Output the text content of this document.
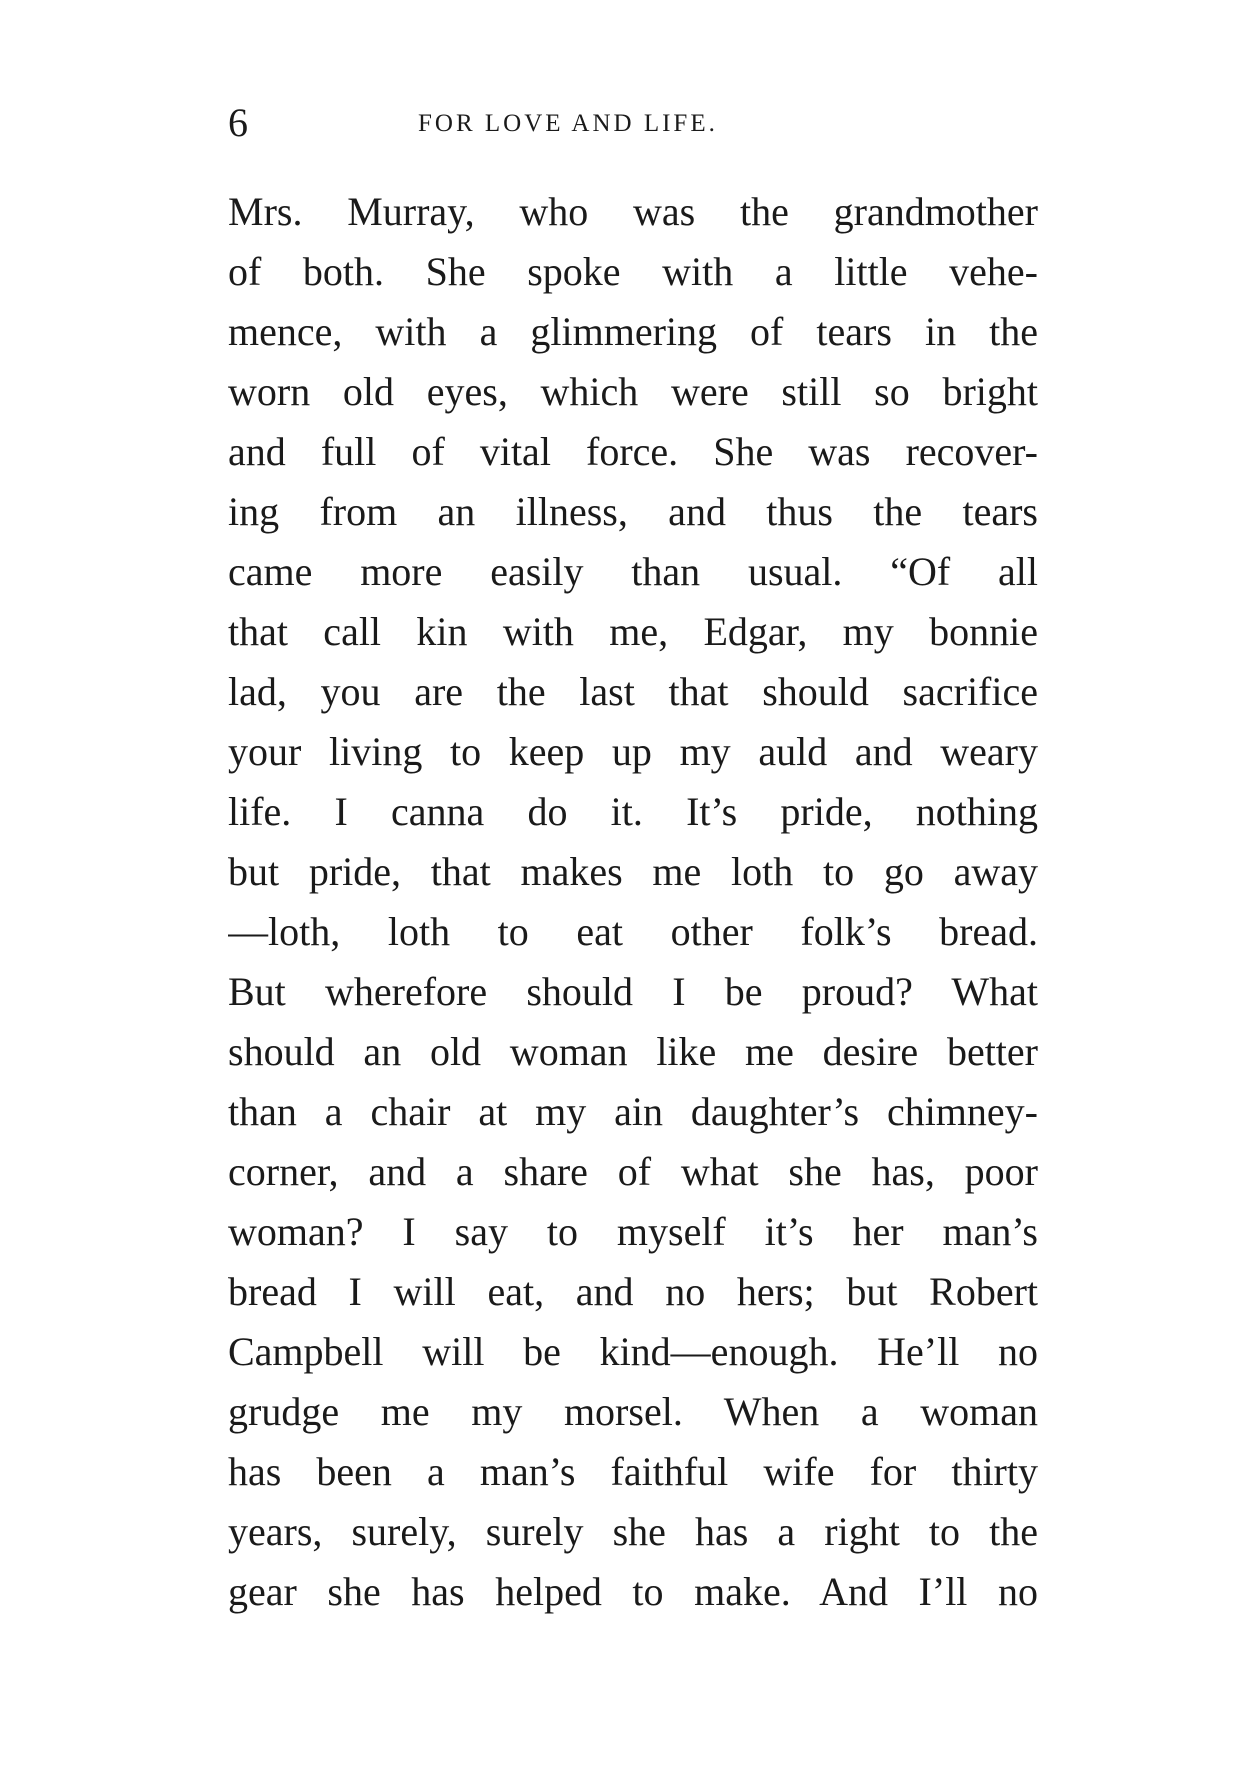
6	FOR LOVE AND LIFE.
Mrs. Murray, who was the grandmother
of both. She spoke with a little vehe-
mence, with a glimmering of tears in the
worn old eyes, which were still so bright
and full of vital force. She was recover-
ing from an illness, and thus the tears
came more easily than usual. “Of all
that call kin with me, Edgar, my bonnie
lad, you are the last that should sacrifice
your living to keep up my auld and weary
life. I canna do it. It’s pride, nothing
but pride, that makes me loth to go away
—loth, loth to eat other folk’s bread.
But wherefore should I be proud? What
should an old woman like me desire better
than a chair at my ain daughter’s chimney-
corner, and a share of what she has, poor
woman? I say to myself it’s her man’s
bread I will eat, and no hers; but Robert
Campbell will be kind—enough. He’ll no
grudge me my morsel. When a woman
has been a man’s faithful wife for thirty
years, surely, surely she has a right to the
gear she has helped to make. And I’ll no
